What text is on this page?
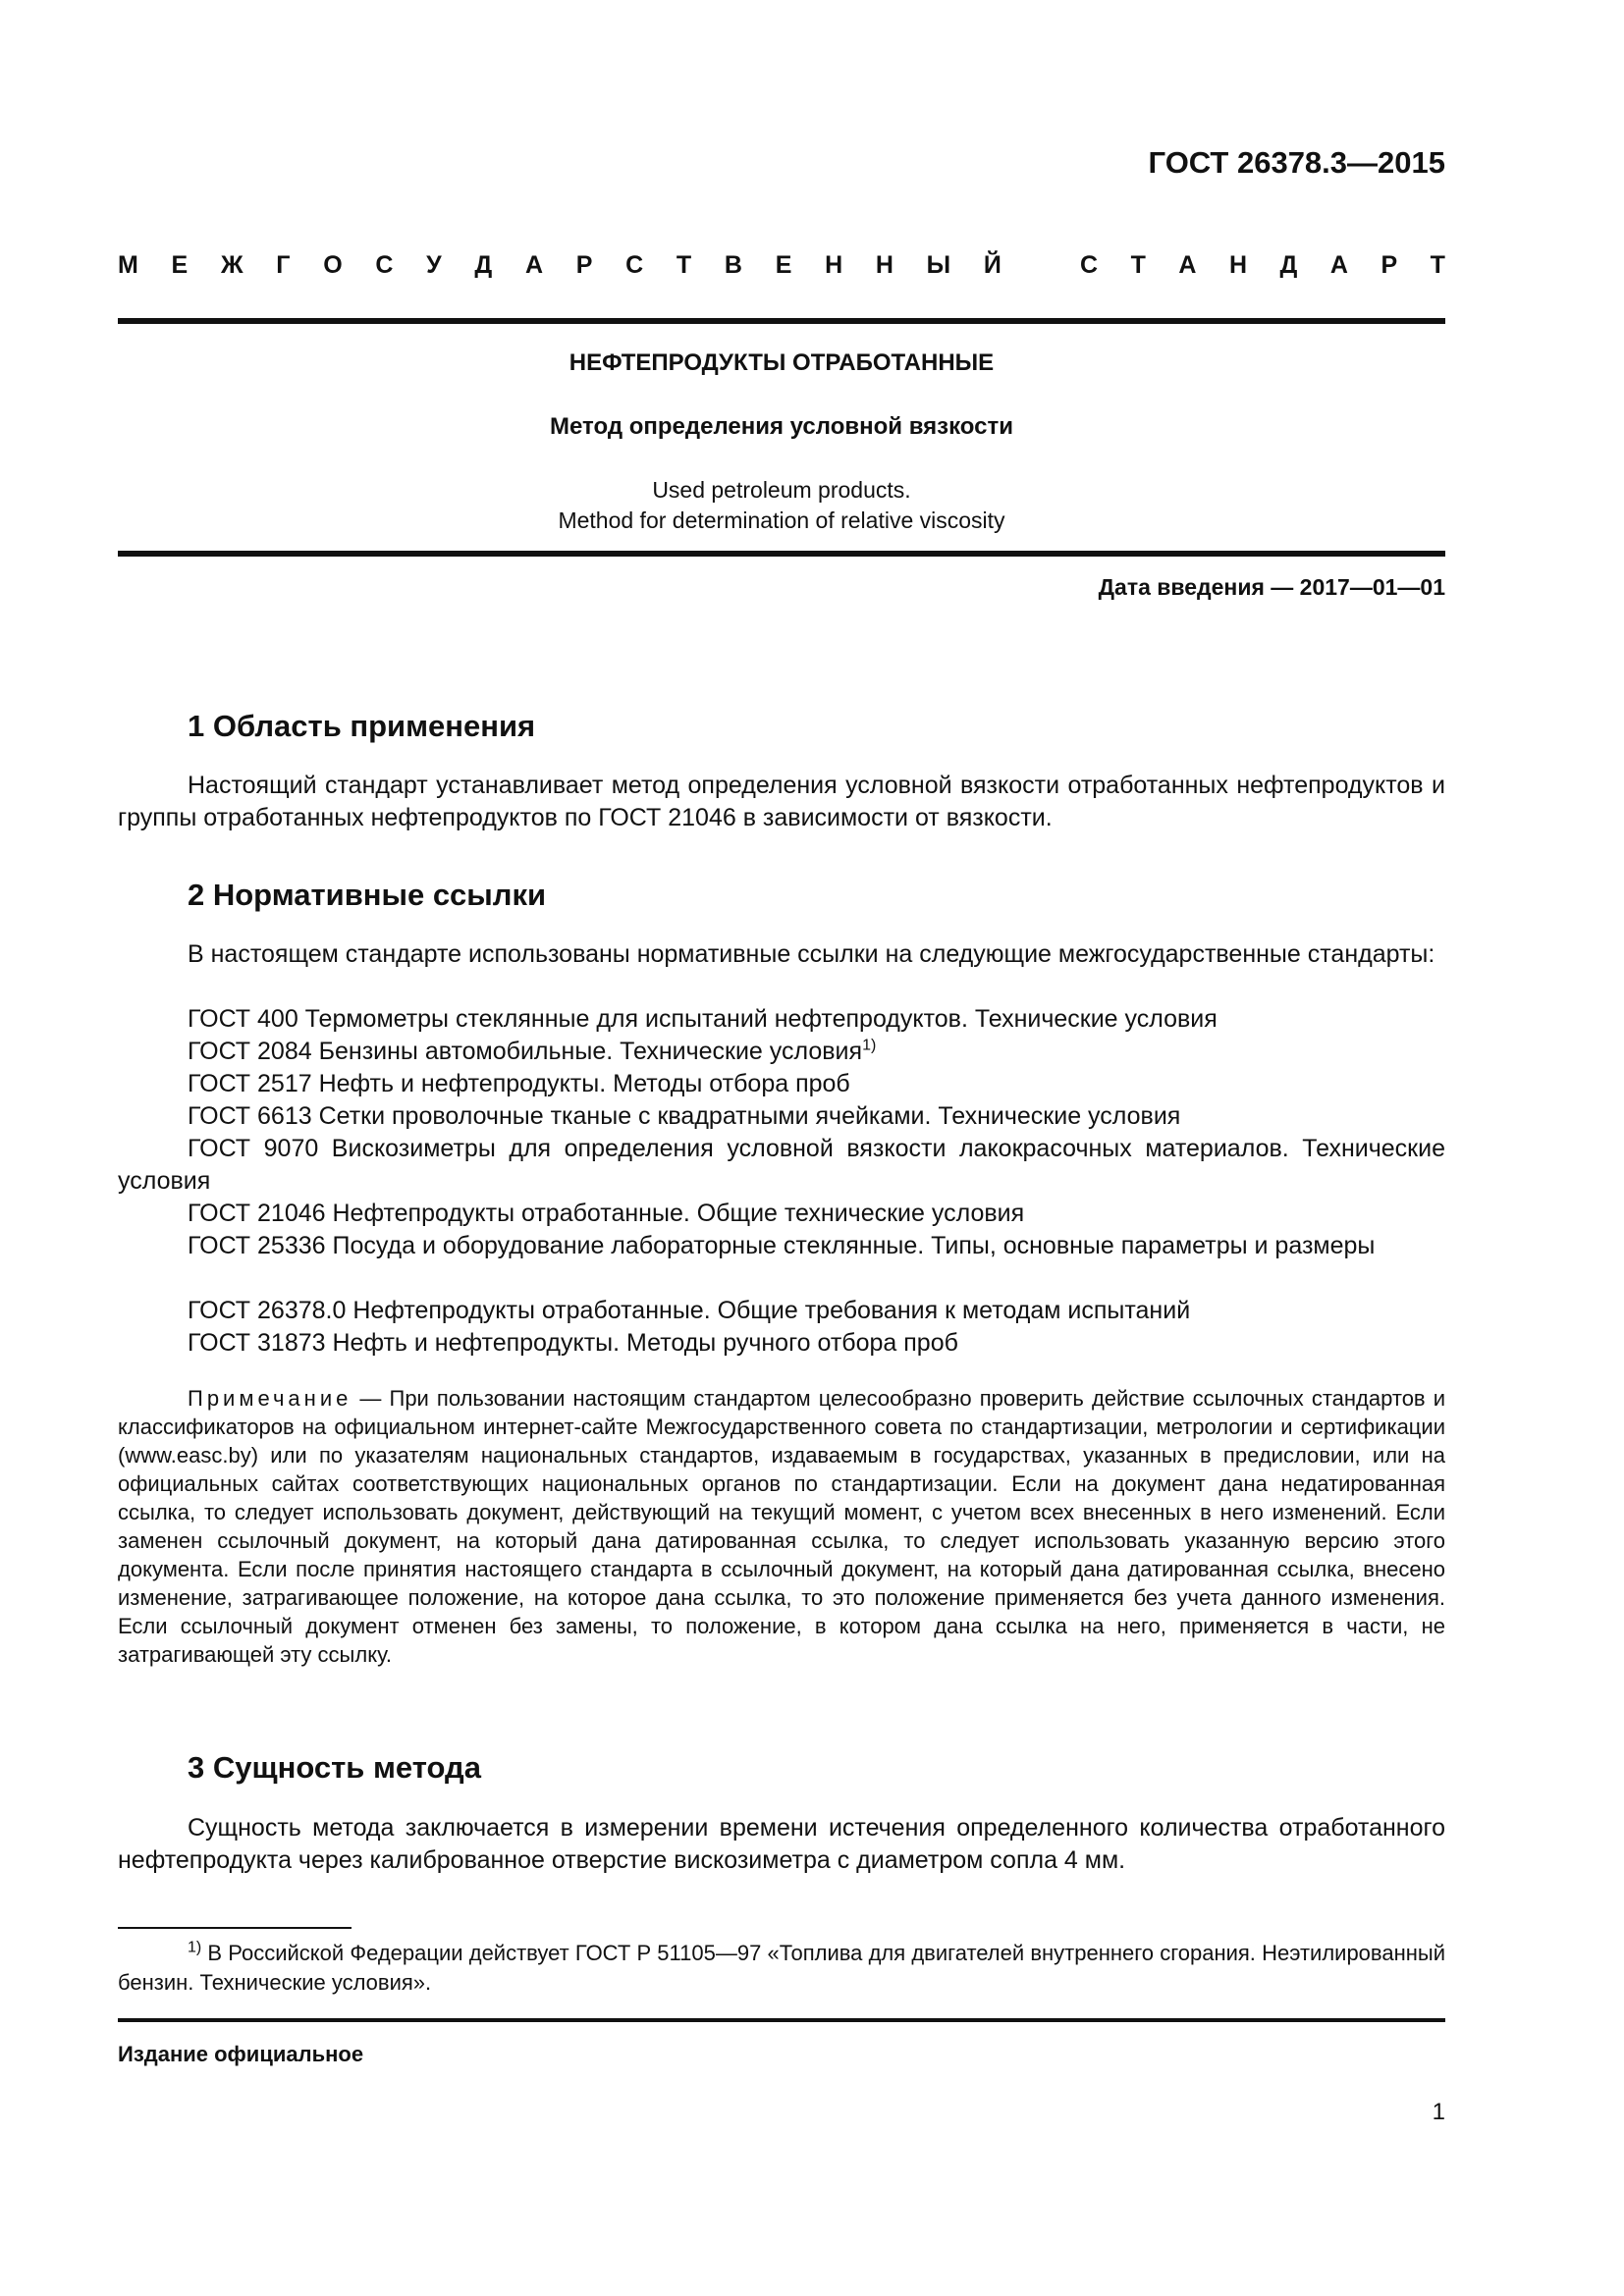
ГОСТ 26378.3—2015
М Е Ж Г О С У Д А Р С Т В Е Н Н Ы Й	С Т А Н Д А Р Т
НЕФТЕПРОДУКТЫ ОТРАБОТАННЫЕ
Метод определения условной вязкости
Used petroleum products.
Method for determination of relative viscosity
Дата введения — 2017—01—01
1 Область применения
Настоящий стандарт устанавливает метод определения условной вязкости отработанных нефтепродуктов и группы отработанных нефтепродуктов по ГОСТ 21046 в зависимости от вязкости.
2 Нормативные ссылки
В настоящем стандарте использованы нормативные ссылки на следующие межгосударственные стандарты:
ГОСТ 400 Термометры стеклянные для испытаний нефтепродуктов. Технические условия
ГОСТ 2084 Бензины автомобильные. Технические условия$^{1)}$
ГОСТ 2517 Нефть и нефтепродукты. Методы отбора проб
ГОСТ 6613 Сетки проволочные тканые с квадратными ячейками. Технические условия
ГОСТ 9070 Вискозиметры для определения условной вязкости лакокрасочных материалов. Технические условия
ГОСТ 21046 Нефтепродукты отработанные. Общие технические условия
ГОСТ 25336 Посуда и оборудование лабораторные стеклянные. Типы, основные параметры и размеры
ГОСТ 26378.0 Нефтепродукты отработанные. Общие требования к методам испытаний
ГОСТ 31873 Нефть и нефтепродукты. Методы ручного отбора проб
Примечание — При пользовании настоящим стандартом целесообразно проверить действие ссылочных стандартов и классификаторов на официальном интернет-сайте Межгосударственного совета по стандартизации, метрологии и сертификации (www.easc.by) или по указателям национальных стандартов, издаваемым в государствах, указанных в предисловии, или на официальных сайтах соответствующих национальных органов по стандартизации. Если на документ дана недатированная ссылка, то следует использовать документ, действующий на текущий момент, с учетом всех внесенных в него изменений. Если заменен ссылочный документ, на который дана датированная ссылка, то следует использовать указанную версию этого документа. Если после принятия настоящего стандарта в ссылочный документ, на который дана датированная ссылка, внесено изменение, затрагивающее положение, на которое дана ссылка, то это положение применяется без учета данного изменения. Если ссылочный документ отменен без замены, то положение, в котором дана ссылка на него, применяется в части, не затрагивающей эту ссылку.
3 Сущность метода
Сущность метода заключается в измерении времени истечения определенного количества отработанного нефтепродукта через калиброванное отверстие вискозиметра с диаметром сопла 4 мм.
$^{1)}$ В Российской Федерации действует ГОСТ Р 51105—97 «Топлива для двигателей внутреннего сгорания. Неэтилированный бензин. Технические условия».
Издание официальное
1
